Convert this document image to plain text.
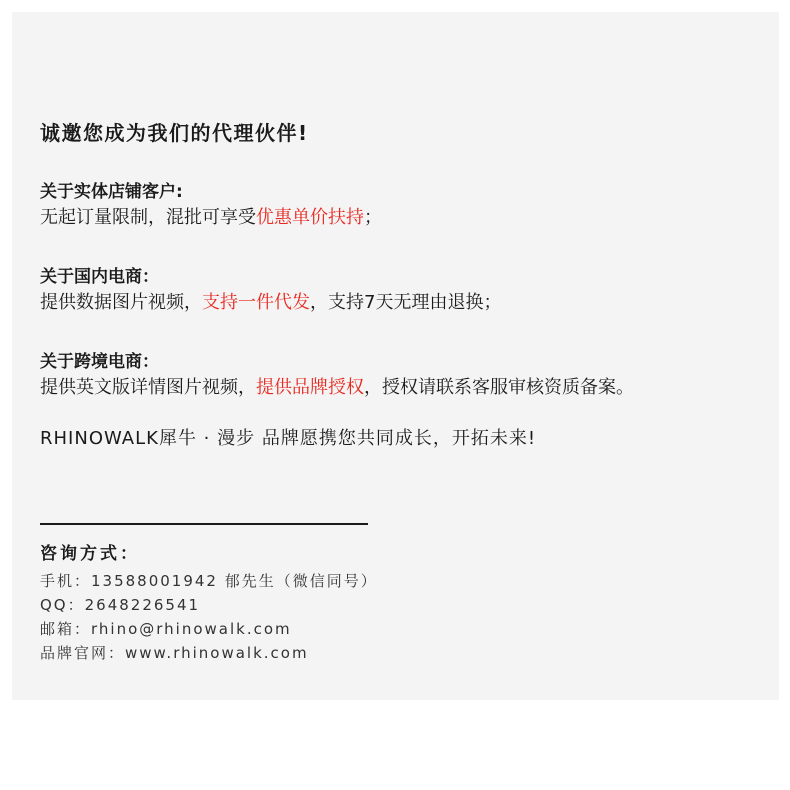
诚邀您成为我们的代理伙伴!
关于实体店铺客户:
无起订量限制，混批可享受优惠单价扶持；
关于国内电商：
提供数据图片视频，支持一件代发，支持7天无理由退换；
关于跨境电商：
提供英文版详情图片视频，提供品牌授权，授权请联系客服审核资质备案。
RHINOWALK犀牛 · 漫步 品牌愿携您共同成长，开拓未来!
咨询方式：
手机：13588001942 郁先生（微信同号）
QQ：2648226541
邮箱：rhino@rhinowalk.com
品牌官网：www.rhinowalk.com
